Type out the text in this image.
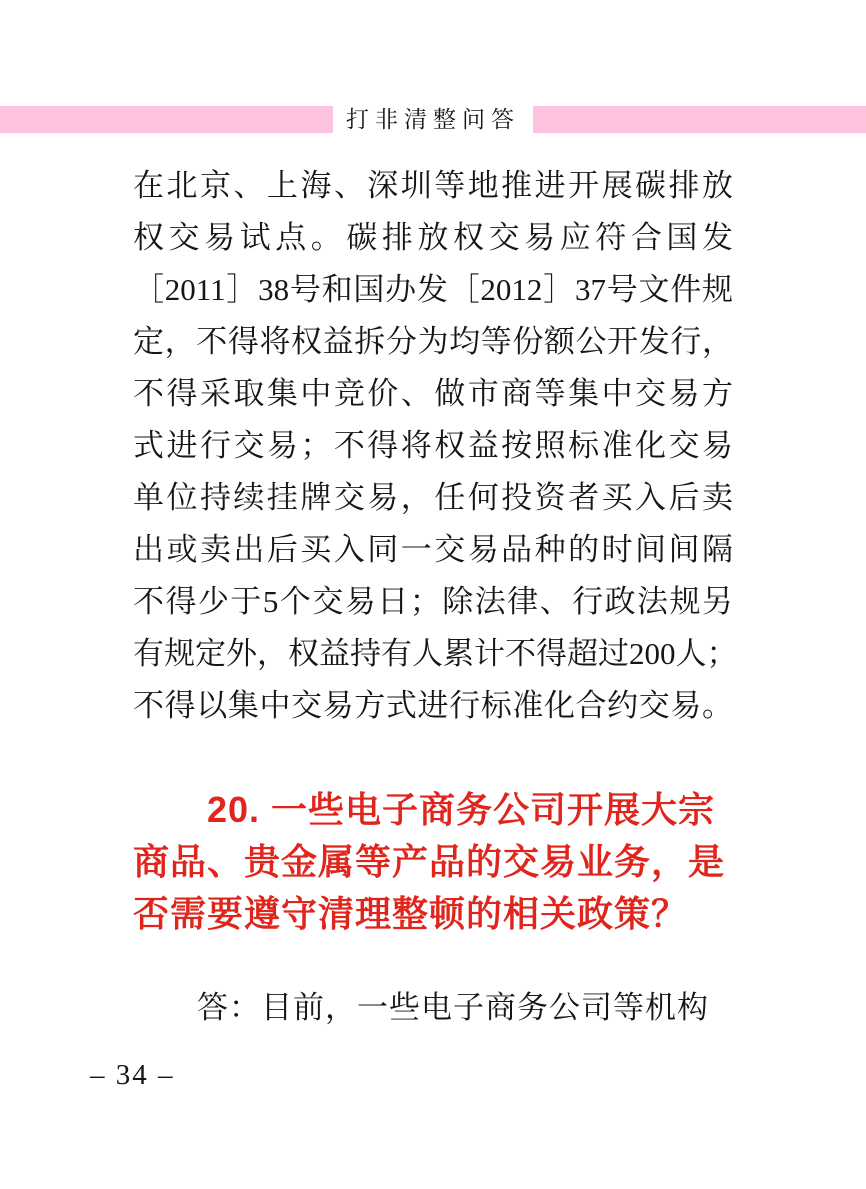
打非清整问答
在北京、上海、深圳等地推进开展碳排放
权交易试点。碳排放权交易应符合国发
［2011］38号和国办发［2012］37号文件规
定，不得将权益拆分为均等份额公开发行，
不得采取集中竞价、做市商等集中交易方
式进行交易；不得将权益按照标准化交易
单位持续挂牌交易，任何投资者买入后卖
出或卖出后买入同一交易品种的时间间隔
不得少于5个交易日；除法律、行政法规另
有规定外，权益持有人累计不得超过200人；
不得以集中交易方式进行标准化合约交易。
20. 一些电子商务公司开展大宗
商品、贵金属等产品的交易业务，是
否需要遵守清理整顿的相关政策？
答：目前，一些电子商务公司等机构
– 34 –
